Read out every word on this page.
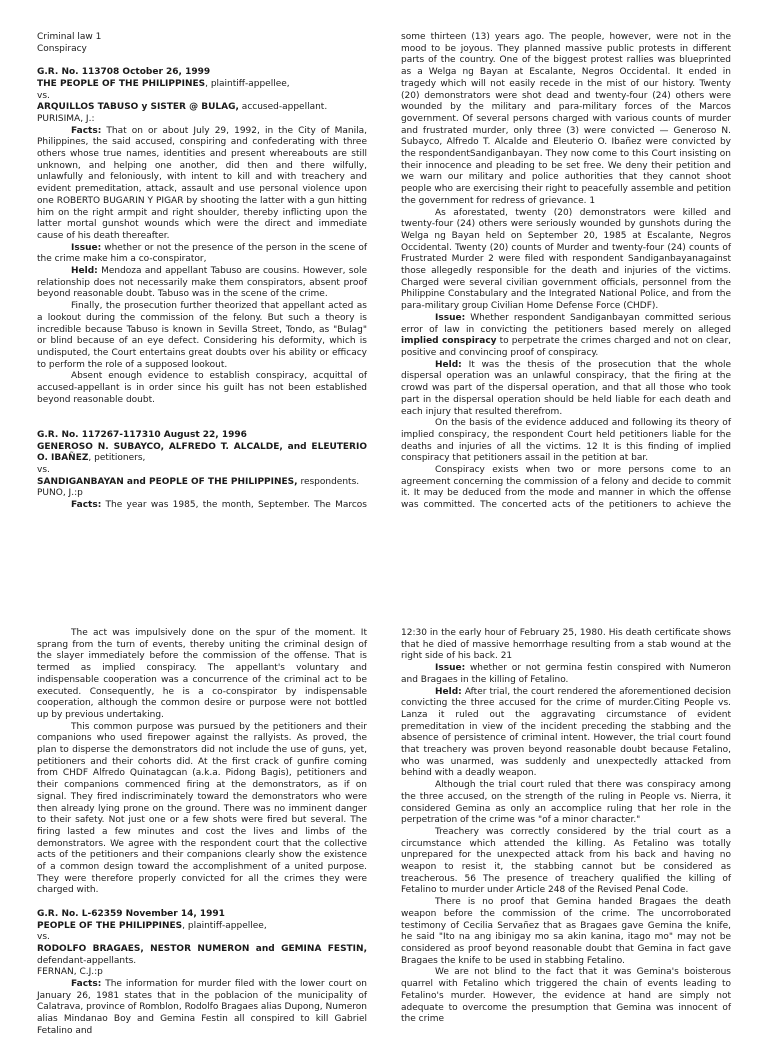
Criminal law 1

Conspiracy

G.R. No. 113708 October 26, 1999

THE PEOPLE OF THE PHILIPPINES, plaintiff-appellee,

vs.

ARQUILLOS TABUSO y SISTER @ BULAG, accused-appellant.

PURISIMA, J.:

Facts: That on or about July 29, 1992, in the City of Manila, Philippines, the said accused, conspiring and confederating with three others whose true names, identities and present whereabouts are still unknown, and helping one another, did then and there wilfully, unlawfully and feloniously, with intent to kill and with treachery and evident premeditation, attack, assault and use personal violence upon one ROBERTO BUGARIN Y PIGAR by shooting the latter with a gun hitting him on the right armpit and right shoulder, thereby inflicting upon the latter mortal gunshot wounds which were the direct and immediate cause of his death thereafter.

Issue: whether or not the presence of the person in the scene of the crime make him a co-conspirator,

Held: Mendoza and appellant Tabuso are cousins. However, sole relationship does not necessarily make them conspirators, absent proof beyond reasonable doubt. Tabuso was in the scene of the crime.

Finally, the prosecution further theorized that appellant acted as a lookout during the commission of the felony. But such a theory is incredible because Tabuso is known in Sevilla Street, Tondo, as "Bulag" or blind because of an eye defect. Considering his deformity, which is undisputed, the Court entertains great doubts over his ability or efficacy to perform the role of a supposed lookout.

Absent enough evidence to establish conspiracy, acquittal of accused-appellant is in order since his guilt has not been established beyond reasonable doubt.

G.R. No. 117267-117310 August 22, 1996

GENEROSO N. SUBAYCO, ALFREDO T. ALCALDE, and ELEUTERIO O. IBAÑEZ, petitioners,

vs.

SANDIGANBAYAN and PEOPLE OF THE PHILIPPINES, respondents.

PUNO, J.:p

Facts: The year was 1985, the month, September. The Marcos

some thirteen (13) years ago. The people, however, were not in the mood to be joyous. They planned massive public protests in different parts of the country. One of the biggest protest rallies was blueprinted as a Welga ng Bayan at Escalante, Negros Occidental. It ended in tragedy which will not easily recede in the mist of our history. Twenty (20) demonstrators were shot dead and twenty-four (24) others were wounded by the military and para-military forces of the Marcos government. Of several persons charged with various counts of murder and frustrated murder, only three (3) were convicted — Generoso N. Subayco, Alfredo T. Alcalde and Eleuterio O. Ibañez were convicted by the respondentSandiganbayan. They now come to this Court insisting on their innocence and pleading to be set free. We deny their petition and we warn our military and police authorities that they cannot shoot people who are exercising their right to peacefully assemble and petition the government for redress of grievance. 1

As aforestated, twenty (20) demonstrators were killed and twenty-four (24) others were seriously wounded by gunshots during the Welga ng Bayan held on September 20, 1985 at Escalante, Negros Occidental. Twenty (20) counts of Murder and twenty-four (24) counts of Frustrated Murder 2 were filed with respondent Sandiganbayanagainst those allegedly responsible for the death and injuries of the victims. Charged were several civilian government officials, personnel from the Philippine Constabulary and the Integrated National Police, and from the para-military group Civilian Home Defense Force (CHDF).

Issue: Whether respondent Sandiganbayan committed serious error of law in convicting the petitioners based merely on alleged implied conspiracy to perpetrate the crimes charged and not on clear, positive and convincing proof of conspiracy.

Held: It was the thesis of the prosecution that the whole dispersal operation was an unlawful conspiracy, that the firing at the crowd was part of the dispersal operation, and that all those who took part in the dispersal operation should be held liable for each death and each injury that resulted therefrom.

On the basis of the evidence adduced and following its theory of implied conspiracy, the respondent Court held petitioners liable for the deaths and injuries of all the victims. 12 It is this finding of implied conspiracy that petitioners assail in the petition at bar.

Conspiracy exists when two or more persons come to an agreement concerning the commission of a felony and decide to commit it. It may be deduced from the mode and manner in which the offense was committed. The concerted acts of the petitioners to achieve the

The act was impulsively done on the spur of the moment. It sprang from the turn of events, thereby uniting the criminal design of the slayer immediately before the commission of the offense. That is termed as implied conspiracy. The appellant's voluntary and indispensable cooperation was a concurrence of the criminal act to be executed. Consequently, he is a co-conspirator by indispensable cooperation, although the common desire or purpose were not bottled up by previous undertaking.

This common purpose was pursued by the petitioners and their companions who used firepower against the rallyists. As proved, the plan to disperse the demonstrators did not include the use of guns, yet, petitioners and their cohorts did. At the first crack of gunfire coming from CHDF Alfredo Quinatagcan (a.k.a. Pidong Bagis), petitioners and their companions commenced firing at the demonstrators, as if on signal. They fired indiscriminately toward the demonstrators who were then already lying prone on the ground. There was no imminent danger to their safety. Not just one or a few shots were fired but several. The firing lasted a few minutes and cost the lives and limbs of the demonstrators. We agree with the respondent court that the collective acts of the petitioners and their companions clearly show the existence of a common design toward the accomplishment of a united purpose. They were therefore properly convicted for all the crimes they were charged with.

G.R. No. L-62359 November 14, 1991

PEOPLE OF THE PHILIPPINES, plaintiff-appellee,

vs.

RODOLFO BRAGAES, NESTOR NUMERON and GEMINA FESTIN, defendant-appellants.

FERNAN, C.J.:p

Facts: The information for murder filed with the lower court on January 26, 1981 states that in the poblacion of the municipality of Calatrava, province of Romblon, Rodolfo Bragaes alias Dupong, Numeron alias Mindanao Boy and Gemina Festin all conspired to kill Gabriel Fetalino and

12:30 in the early hour of February 25, 1980. His death certificate shows that he died of massive hemorrhage resulting from a stab wound at the right side of his back. 21

Issue: whether or not germina festin conspired with Numeron and Bragaes in the killing of Fetalino.

Held: After trial, the court rendered the aforementioned decision convicting the three accused for the crime of murder.Citing People vs. Lanza it ruled out the aggravating circumstance of evident premeditation in view of the incident preceding the stabbing and the absence of persistence of criminal intent. However, the trial court found that treachery was proven beyond reasonable doubt because Fetalino, who was unarmed, was suddenly and unexpectedly attacked from behind with a deadly weapon.

Although the trial court ruled that there was conspiracy among the three accused, on the strength of the ruling in People vs. Nierra, it considered Gemina as only an accomplice ruling that her role in the perpetration of the crime was "of a minor character."

Treachery was correctly considered by the trial court as a circumstance which attended the killing. As Fetalino was totally unprepared for the unexpected attack from his back and having no weapon to resist it, the stabbing cannot but be considered as treacherous. 56 The presence of treachery qualified the killing of Fetalino to murder under Article 248 of the Revised Penal Code.

There is no proof that Gemina handed Bragaes the death weapon before the commission of the crime. The uncorroborated testimony of Cecilia Servañez that as Bragaes gave Gemina the knife, he said "Ito na ang ibinigay mo sa akin kanina, itago mo" may not be considered as proof beyond reasonable doubt that Gemina in fact gave Bragaes the knife to be used in stabbing Fetalino.

We are not blind to the fact that it was Gemina's boisterous quarrel with Fetalino which triggered the chain of events leading to Fetalino's murder. However, the evidence at hand are simply not adequate to overcome the presumption that Gemina was innocent of the crime
